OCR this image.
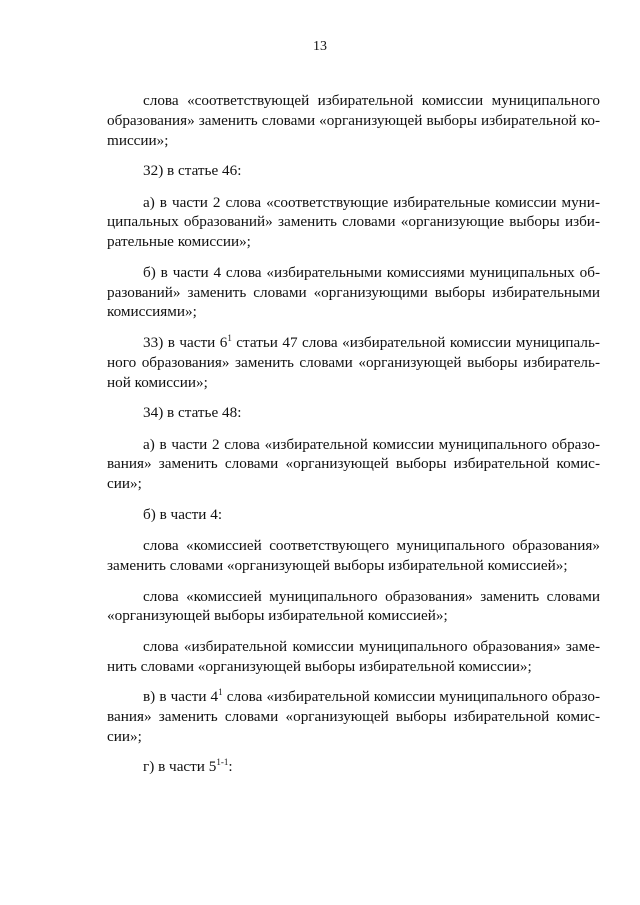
13

слова «соответствующей избирательной комиссии муниципального образования» заменить словами «организующей выборы избирательной коmиссии»;

32) в статье 46:

а) в части 2 слова «соответствующие избирательные комиссии муниципальных образований» заменить словами «организующие выборы избирательные комиссии»;

б) в части 4 слова «избирательными комиссиями муниципальных образований» заменить словами «организующими выборы избирательными комиссиями»;

33) в части $6^1$ статьи 47 слова «избирательной комиссии муниципального образования» заменить словами «организующей выборы избирательной комиссии»;

34) в статье 48:

а) в части 2 слова «избирательной комиссии муниципального образования» заменить словами «организующей выборы избирательной комиссии»;

б) в части 4:

слова «комиссией соответствующего муниципального образования» заменить словами «организующей выборы избирательной комиссией»;

слова «комиссией муниципального образования» заменить словами «организующей выборы избирательной комиссией»;

слова «избирательной комиссии муниципального образования» заменить словами «организующей выборы избирательной комиссии»;

в) в части $4^1$ слова «избирательной комиссии муниципального образования» заменить словами «организующей выборы избирательной комиссии»;

г) в части 5$^{1-1}$:
